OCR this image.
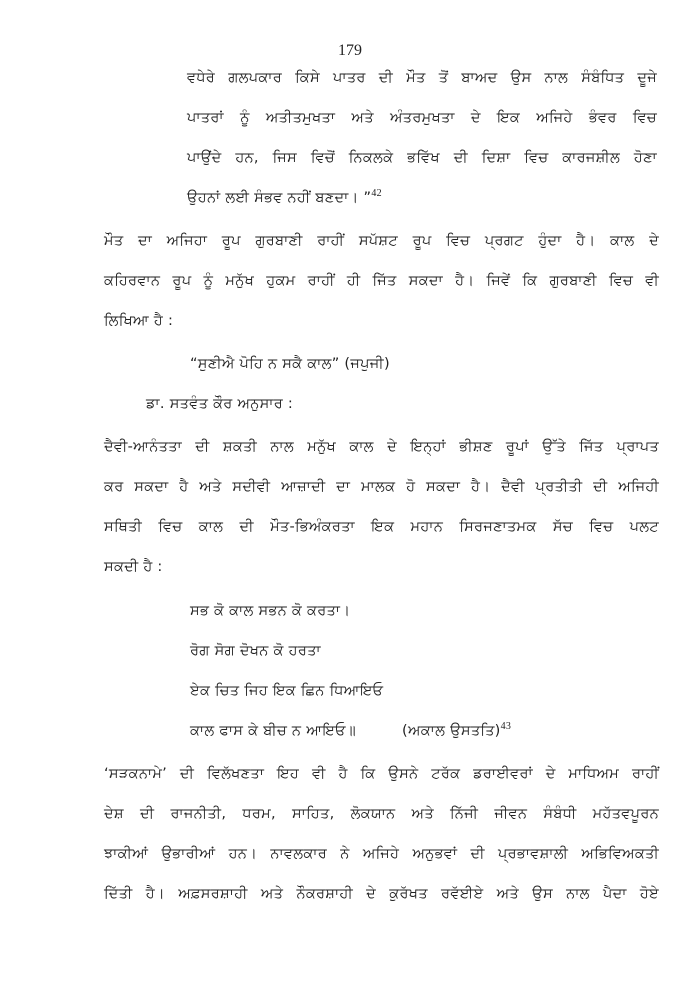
179
ਵਧੇਰੇ ਗਲਪਕਾਰ ਕਿਸੇ ਪਾਤਰ ਦੀ ਮੌਤ ਤੋਂ ਬਾਅਦ ਉਸ ਨਾਲ ਸੰਬੰਧਿਤ ਦੂਜੇ
ਪਾਤਰਾਂ ਨੂੰ ਅਤੀਤਮੁਖਤਾ ਅਤੇ ਅੰਤਰਮੁਖਤਾ ਦੇ ਇਕ ਅਜਿਹੇ ਭੰਵਰ ਵਿਚ
ਪਾਉਂਦੇ ਹਨ, ਜਿਸ ਵਿਚੋਂ ਨਿਕਲਕੇ ਭਵਿੱਖ ਦੀ ਦਿਸ਼ਾ ਵਿਚ ਕਾਰਜਸ਼ੀਲ ਹੋਣਾ
ਉਹਨਾਂ ਲਈ ਸੰਭਵ ਨਹੀਂ ਬਣਦਾ। ”$^{42}$
ਮੌਤ ਦਾ ਅਜਿਹਾ ਰੂਪ ਗੁਰਬਾਣੀ ਰਾਹੀਂ ਸਪੱਸ਼ਟ ਰੂਪ ਵਿਚ ਪ੍ਰਗਟ ਹੁੰਦਾ ਹੈ। ਕਾਲ ਦੇ
ਕਹਿਰਵਾਨ ਰੂਪ ਨੂੰ ਮਨੁੱਖ ਹੁਕਮ ਰਾਹੀਂ ਹੀ ਜਿੱਤ ਸਕਦਾ ਹੈ। ਜਿਵੇਂ ਕਿ ਗੁਰਬਾਣੀ ਵਿਚ ਵੀ
ਲਿਖਿਆ ਹੈ :
“ਸੁਣੀਐ ਪੋਹਿ ਨ ਸਕੈ ਕਾਲ” (ਜਪੁਜੀ)
ਡਾ. ਸਤਵੰਤ ਕੌਰ ਅਨੁਸਾਰ :
ਦੈਵੀ-ਆਨੰਤਤਾ ਦੀ ਸ਼ਕਤੀ ਨਾਲ ਮਨੁੱਖ ਕਾਲ ਦੇ ਇਨ੍ਹਾਂ ਭੀਸ਼ਣ ਰੂਪਾਂ ਉੱਤੇ ਜਿੱਤ ਪ੍ਰਾਪਤ
ਕਰ ਸਕਦਾ ਹੈ ਅਤੇ ਸਦੀਵੀ ਆਜ਼ਾਦੀ ਦਾ ਮਾਲਕ ਹੋ ਸਕਦਾ ਹੈ। ਦੈਵੀ ਪ੍ਰਤੀਤੀ ਦੀ ਅਜਿਹੀ
ਸਥਿਤੀ ਵਿਚ ਕਾਲ ਦੀ ਮੌਤ-ਭਿਅੰਕਰਤਾ ਇਕ ਮਹਾਨ ਸਿਰਜਣਾਤਮਕ ਸੱਚ ਵਿਚ ਪਲਟ
ਸਕਦੀ ਹੈ :
ਸਭ ਕੋ ਕਾਲ ਸਭਨ ਕੋ ਕਰਤਾ।
ਰੋਗ ਸੋਗ ਦੋਖਨ ਕੋ ਹਰਤਾ
ਏਕ ਚਿਤ ਜਿਹ ਇਕ ਛਿਨ ਧਿਆਇਓ
ਕਾਲ ਫਾਸ ਕੇ ਬੀਚ ਨ ਆਇਓ॥	(ਅਕਾਲ ਉਸਤਤਿ)$^{43}$
‘ਸੜਕਨਾਮੇ’ ਦੀ ਵਿਲੱਖਣਤਾ ਇਹ ਵੀ ਹੈ ਕਿ ਉਸਨੇ ਟਰੱਕ ਡਰਾਈਵਰਾਂ ਦੇ ਮਾਧਿਅਮ ਰਾਹੀਂ
ਦੇਸ਼ ਦੀ ਰਾਜਨੀਤੀ, ਧਰਮ, ਸਾਹਿਤ, ਲੋਕਯਾਨ ਅਤੇ ਨਿੱਜੀ ਜੀਵਨ ਸੰਬੰਧੀ ਮਹੱਤਵਪੂਰਨ
ਝਾਕੀਆਂ ਉਭਾਰੀਆਂ ਹਨ। ਨਾਵਲਕਾਰ ਨੇ ਅਜਿਹੇ ਅਨੁਭਵਾਂ ਦੀ ਪ੍ਰਭਾਵਸ਼ਾਲੀ ਅਭਿਵਿਅਕਤੀ
ਦਿੱਤੀ ਹੈ। ਅਫ਼ਸਰਸ਼ਾਹੀ ਅਤੇ ਨੌਕਰਸ਼ਾਹੀ ਦੇ ਕੁਰੱਖਤ ਰਵੱਈਏ ਅਤੇ ਉਸ ਨਾਲ ਪੈਦਾ ਹੋਏ
